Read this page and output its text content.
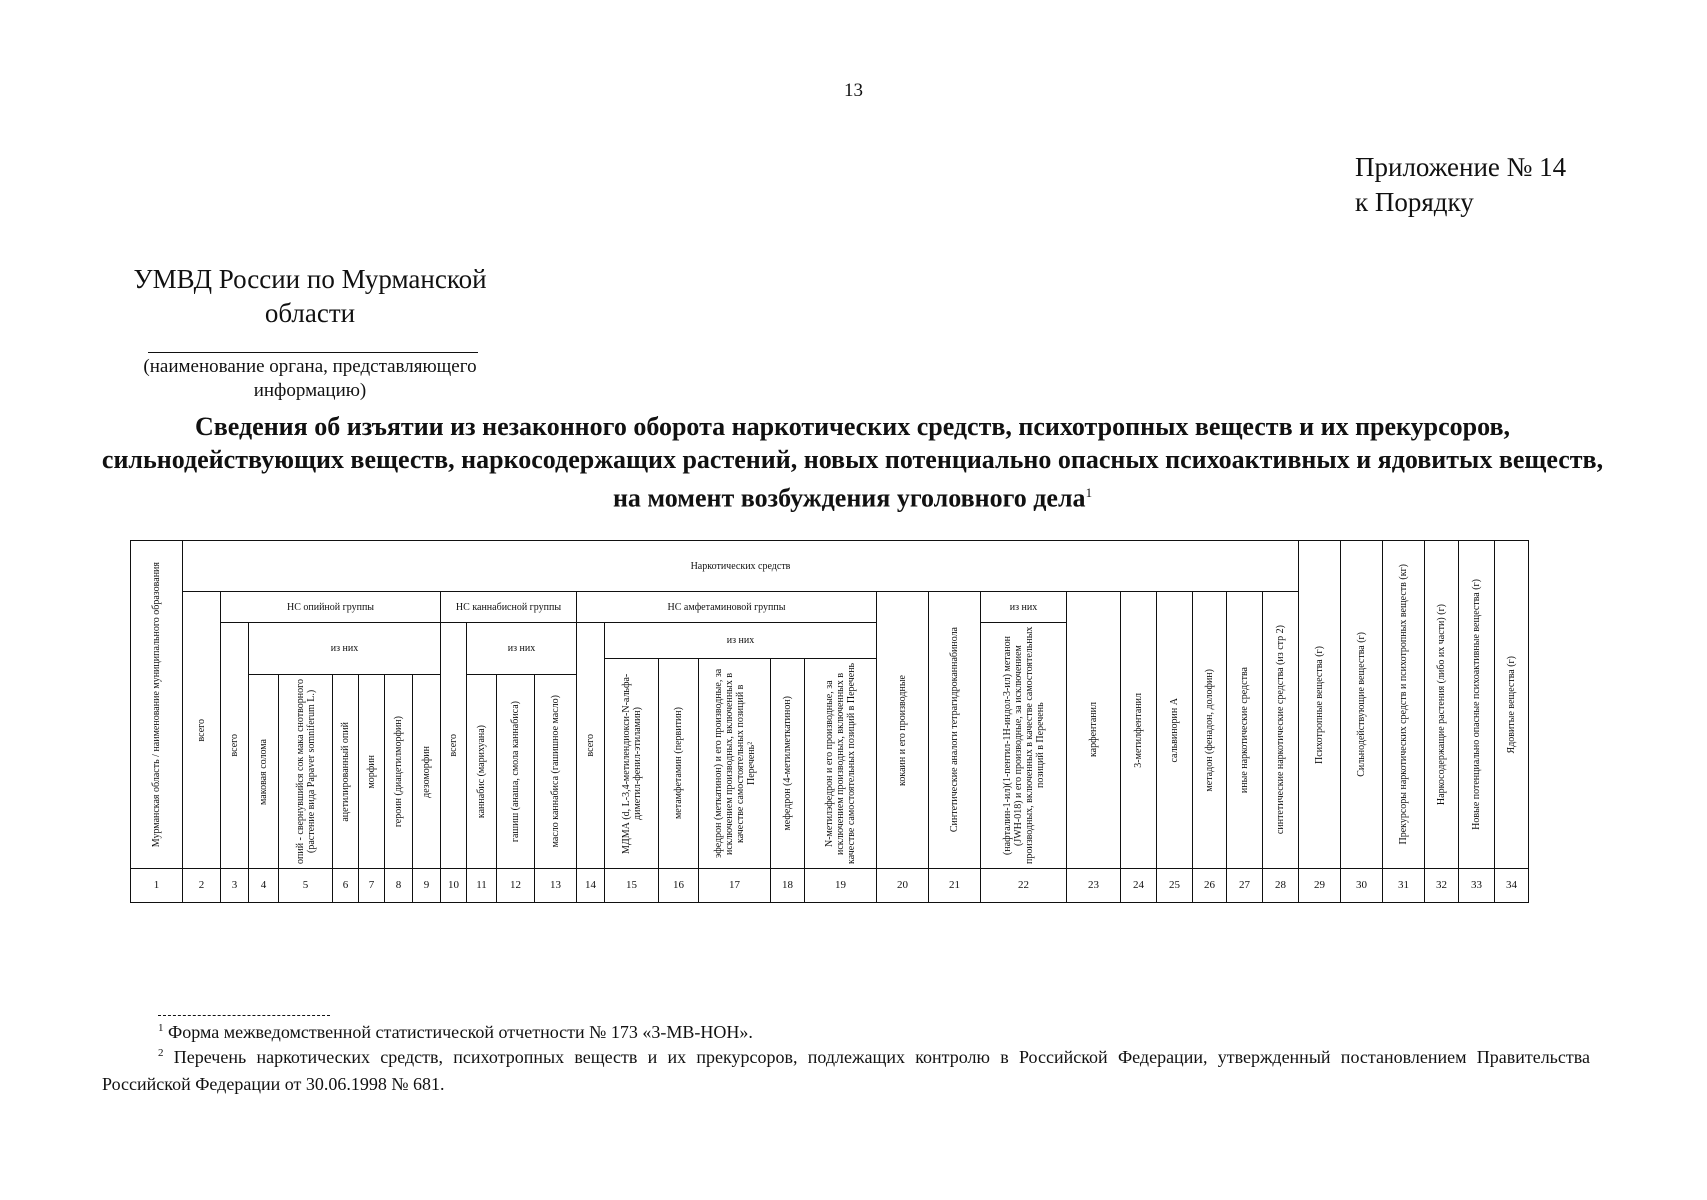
13
Приложение № 14
к Порядку
УМВД России по Мурманской области
(наименование органа, представляющего информацию)
Сведения об изъятии из незаконного оборота наркотических средств, психотропных веществ и их прекурсоров, сильнодействующих веществ, наркосодержащих растений, новых потенциально опасных психоактивных и ядовитых веществ, на момент возбуждения уголовного дела$^1$
Наркотических средств
НС опийной группы
из них
НС каннабисной группы
из них
НС амфетаминовой группы
из них
из них
Мурманская область / наименование муниципального образования
1
всего
2
всего
3
маковая солома
4
опий - свернувшийся сок мака снотворного (растение вида Papaver somniferum L.)
5
ацетилированный опий
6
морфин
7
героин (диацетилморфин)
8
дезоморфин
9
всего
10
каннабис (марихуана)
11
гашиш (анаша, смола каннабиса)
12
масло каннабиса (гашишное масло)
13
всего
14
МДМА (d, L-3,4-метилендиокси-N-альфа-диметил-фенил-этиламин)
15
метамфетамин (первитин)
16
эфедрон (меткатинон) и его производные, за исключением производных, включенных в качестве самостоятельных позиций в Перечень²
17
мефедрон (4-метилметкатинон)
18
N-метилэфедрон и его производные, за исключением производных, включенных в качестве самостоятельных позиций в Перечень
19
кокаин и его производные
20
Синтетические аналоги тетрагидроканнабинола
21
(нафталин-1-ил)(1-пентил-1Н-индол-3-ил) метанон (JWH-018) и его производные, за исключением производных, включенных в качестве самостоятельных позиций в Перечень
22
карфентанил
23
3-метилфентанил
24
сальвинорин А
25
метадон (фенадон, долофин)
26
иные наркотические средства
27
синтетические наркотические средства (из стр 2)
28
Психотропные вещества (г)
29
Сильнодействующие вещества (г)
30
Прекурсоры наркотических средств и психотропных веществ (кг)
31
Наркосодержащие растения (либо их части) (г)
32
Новые потенциально опасные психоактивные вещества (г)
33
Ядовитые вещества (г)
34
$^1$ Форма межведомственной статистической отчетности № 173 «3-МВ-НОН».
$^2$ Перечень наркотических средств, психотропных веществ и их прекурсоров, подлежащих контролю в Российской Федерации, утвержденный постановлением Правительства Российской Федерации от 30.06.1998 № 681.
